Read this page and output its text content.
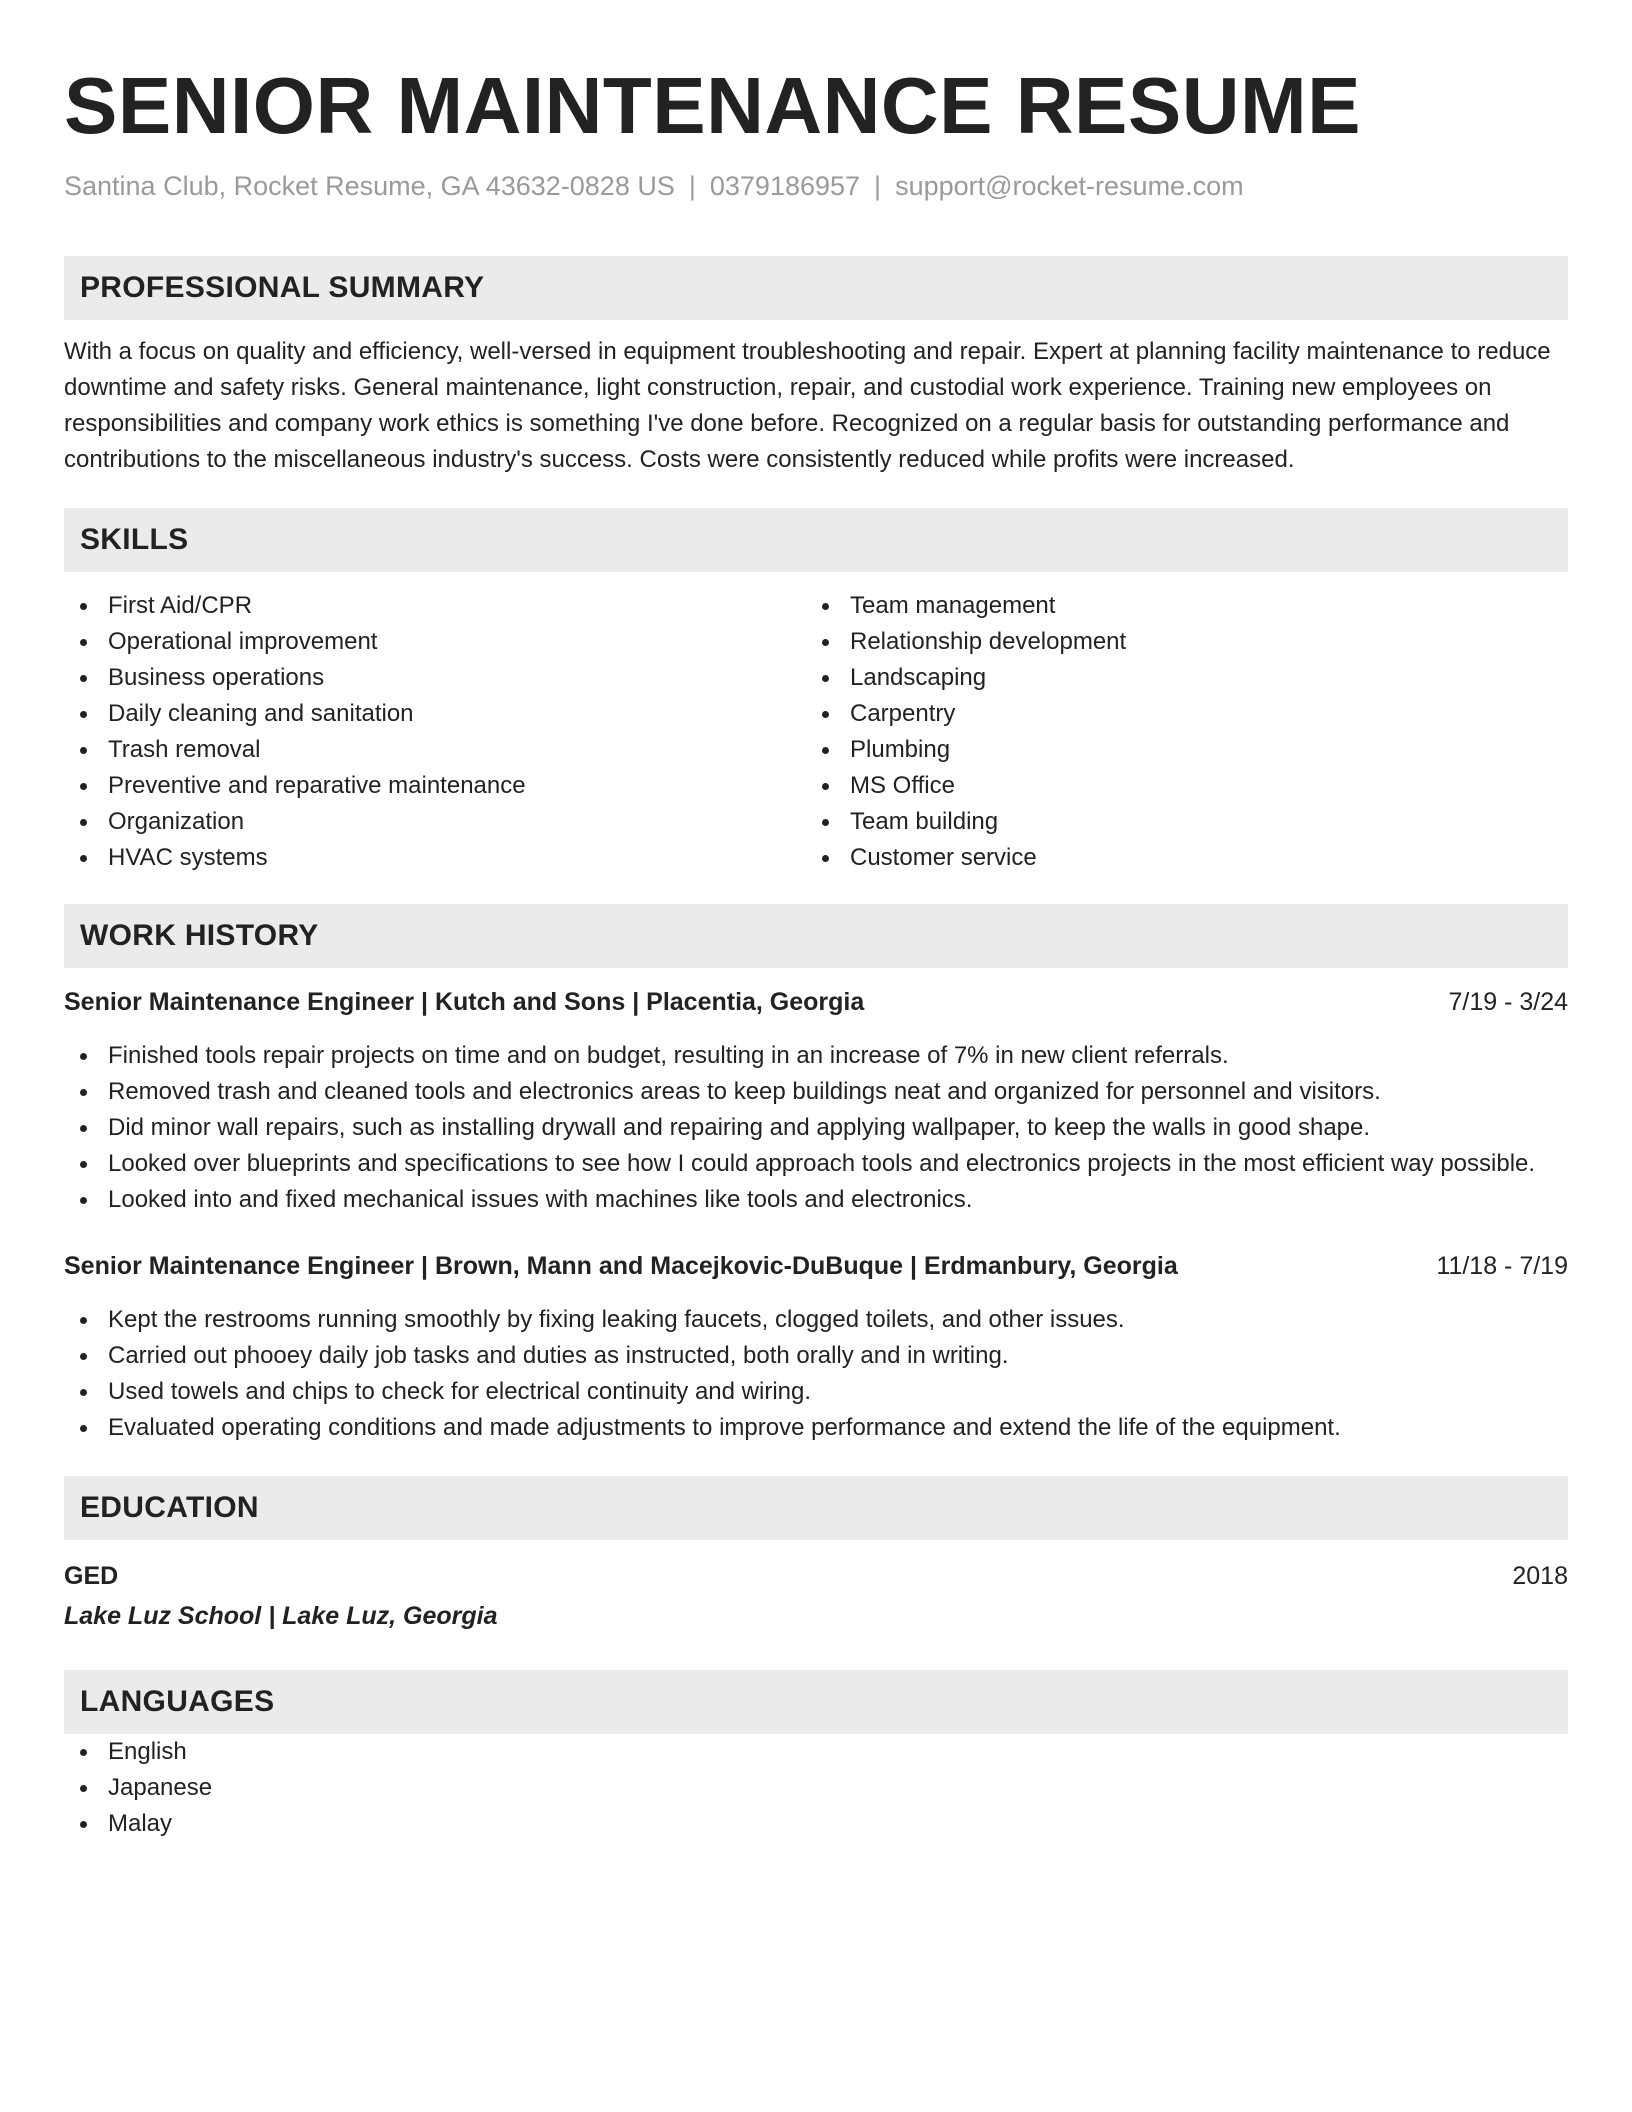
SENIOR MAINTENANCE RESUME
Santina Club, Rocket Resume, GA 43632-0828 US | 0379186957 | support@rocket-resume.com
PROFESSIONAL SUMMARY
With a focus on quality and efficiency, well-versed in equipment troubleshooting and repair. Expert at planning facility maintenance to reduce downtime and safety risks. General maintenance, light construction, repair, and custodial work experience. Training new employees on responsibilities and company work ethics is something I've done before. Recognized on a regular basis for outstanding performance and contributions to the miscellaneous industry's success. Costs were consistently reduced while profits were increased.
SKILLS
First Aid/CPR
Operational improvement
Business operations
Daily cleaning and sanitation
Trash removal
Preventive and reparative maintenance
Organization
HVAC systems
Team management
Relationship development
Landscaping
Carpentry
Plumbing
MS Office
Team building
Customer service
WORK HISTORY
Senior Maintenance Engineer | Kutch and Sons | Placentia, Georgia	7/19 - 3/24
Finished tools repair projects on time and on budget, resulting in an increase of 7% in new client referrals.
Removed trash and cleaned tools and electronics areas to keep buildings neat and organized for personnel and visitors.
Did minor wall repairs, such as installing drywall and repairing and applying wallpaper, to keep the walls in good shape.
Looked over blueprints and specifications to see how I could approach tools and electronics projects in the most efficient way possible.
Looked into and fixed mechanical issues with machines like tools and electronics.
Senior Maintenance Engineer | Brown, Mann and Macejkovic-DuBuque | Erdmanbury, Georgia	11/18 - 7/19
Kept the restrooms running smoothly by fixing leaking faucets, clogged toilets, and other issues.
Carried out phooey daily job tasks and duties as instructed, both orally and in writing.
Used towels and chips to check for electrical continuity and wiring.
Evaluated operating conditions and made adjustments to improve performance and extend the life of the equipment.
EDUCATION
GED	2018
Lake Luz School | Lake Luz, Georgia
LANGUAGES
English
Japanese
Malay
